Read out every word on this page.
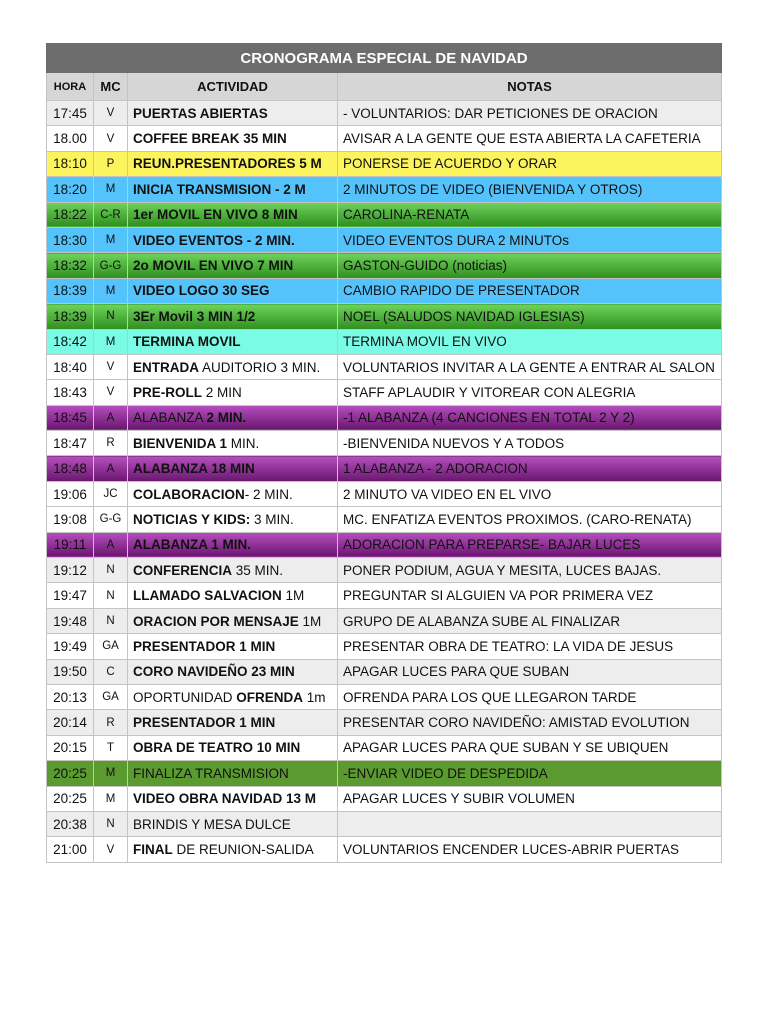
CRONOGRAMA ESPECIAL DE NAVIDAD			
HORA	MC	ACTIVIDAD	NOTAS
17:45	V	PUERTAS ABIERTAS	- VOLUNTARIOS: DAR PETICIONES DE ORACION
18.00	V	COFFEE BREAK 35 MIN	AVISAR A LA GENTE QUE ESTA ABIERTA LA CAFETERIA
18:10	P	REUN.PRESENTADORES 5 M	PONERSE DE ACUERDO Y ORAR
18:20	M	INICIA TRANSMISION - 2 M	2 MINUTOS DE VIDEO (BIENVENIDA Y OTROS)
18:22	C-R	1er MOVIL EN VIVO 8 MIN	CAROLINA-RENATA
18:30	M	VIDEO EVENTOS - 2 MIN.	VIDEO EVENTOS DURA 2 MINUTOs
18:32	G-G	2o MOVIL EN VIVO 7 MIN	GASTON-GUIDO (noticias)
18:39	M	VIDEO LOGO 30 SEG	CAMBIO RAPIDO DE PRESENTADOR
18:39	N	3Er Movil 3 MIN 1/2	NOEL (SALUDOS NAVIDAD IGLESIAS)
18:42	M	TERMINA MOVIL	TERMINA MOVIL EN VIVO
18:40	V	ENTRADA AUDITORIO 3 MIN.	VOLUNTARIOS INVITAR A LA GENTE A ENTRAR AL SALON
18:43	V	PRE-ROLL 2 MIN	STAFF APLAUDIR Y VITOREAR CON ALEGRIA
18:45	A	ALABANZA 2 MIN.	-1 ALABANZA (4 CANCIONES EN TOTAL 2 Y 2)
18:47	R	BIENVENIDA 1 MIN.	-BIENVENIDA NUEVOS Y A TODOS
18:48	A	ALABANZA 18 MIN	1 ALABANZA - 2 ADORACION
19:06	JC	COLABORACION- 2 MIN.	2 MINUTO VA VIDEO EN EL VIVO
19:08	G-G	NOTICIAS Y KIDS: 3 MIN.	MC. ENFATIZA EVENTOS PROXIMOS. (CARO-RENATA)
19:11	A	ALABANZA 1 MIN.	ADORACION PARA PREPARSE- BAJAR LUCES
19:12	N	CONFERENCIA 35 MIN.	PONER PODIUM, AGUA Y MESITA, LUCES BAJAS.
19:47	N	LLAMADO SALVACION 1M	PREGUNTAR SI ALGUIEN VA POR PRIMERA VEZ
19:48	N	ORACION POR MENSAJE 1M	GRUPO DE ALABANZA SUBE AL FINALIZAR
19:49	GA	PRESENTADOR 1 MIN	PRESENTAR OBRA DE TEATRO: LA VIDA DE JESUS
19:50	C	CORO NAVIDEÑO 23 MIN	APAGAR LUCES PARA QUE SUBAN
20:13	GA	OPORTUNIDAD OFRENDA 1m	OFRENDA PARA LOS QUE LLEGARON TARDE
20:14	R	PRESENTADOR 1 MIN	PRESENTAR CORO NAVIDEÑO: AMISTAD EVOLUTION
20:15	T	OBRA DE TEATRO 10 MIN	APAGAR LUCES PARA QUE SUBAN Y SE UBIQUEN
20:25	M	FINALIZA TRANSMISION	-ENVIAR VIDEO DE DESPEDIDA
20:25	M	VIDEO OBRA NAVIDAD 13 M	APAGAR LUCES Y SUBIR VOLUMEN
20:38	N	BRINDIS Y MESA DULCE	
21:00	V	FINAL DE REUNION-SALIDA	VOLUNTARIOS ENCENDER LUCES-ABRIR PUERTAS
